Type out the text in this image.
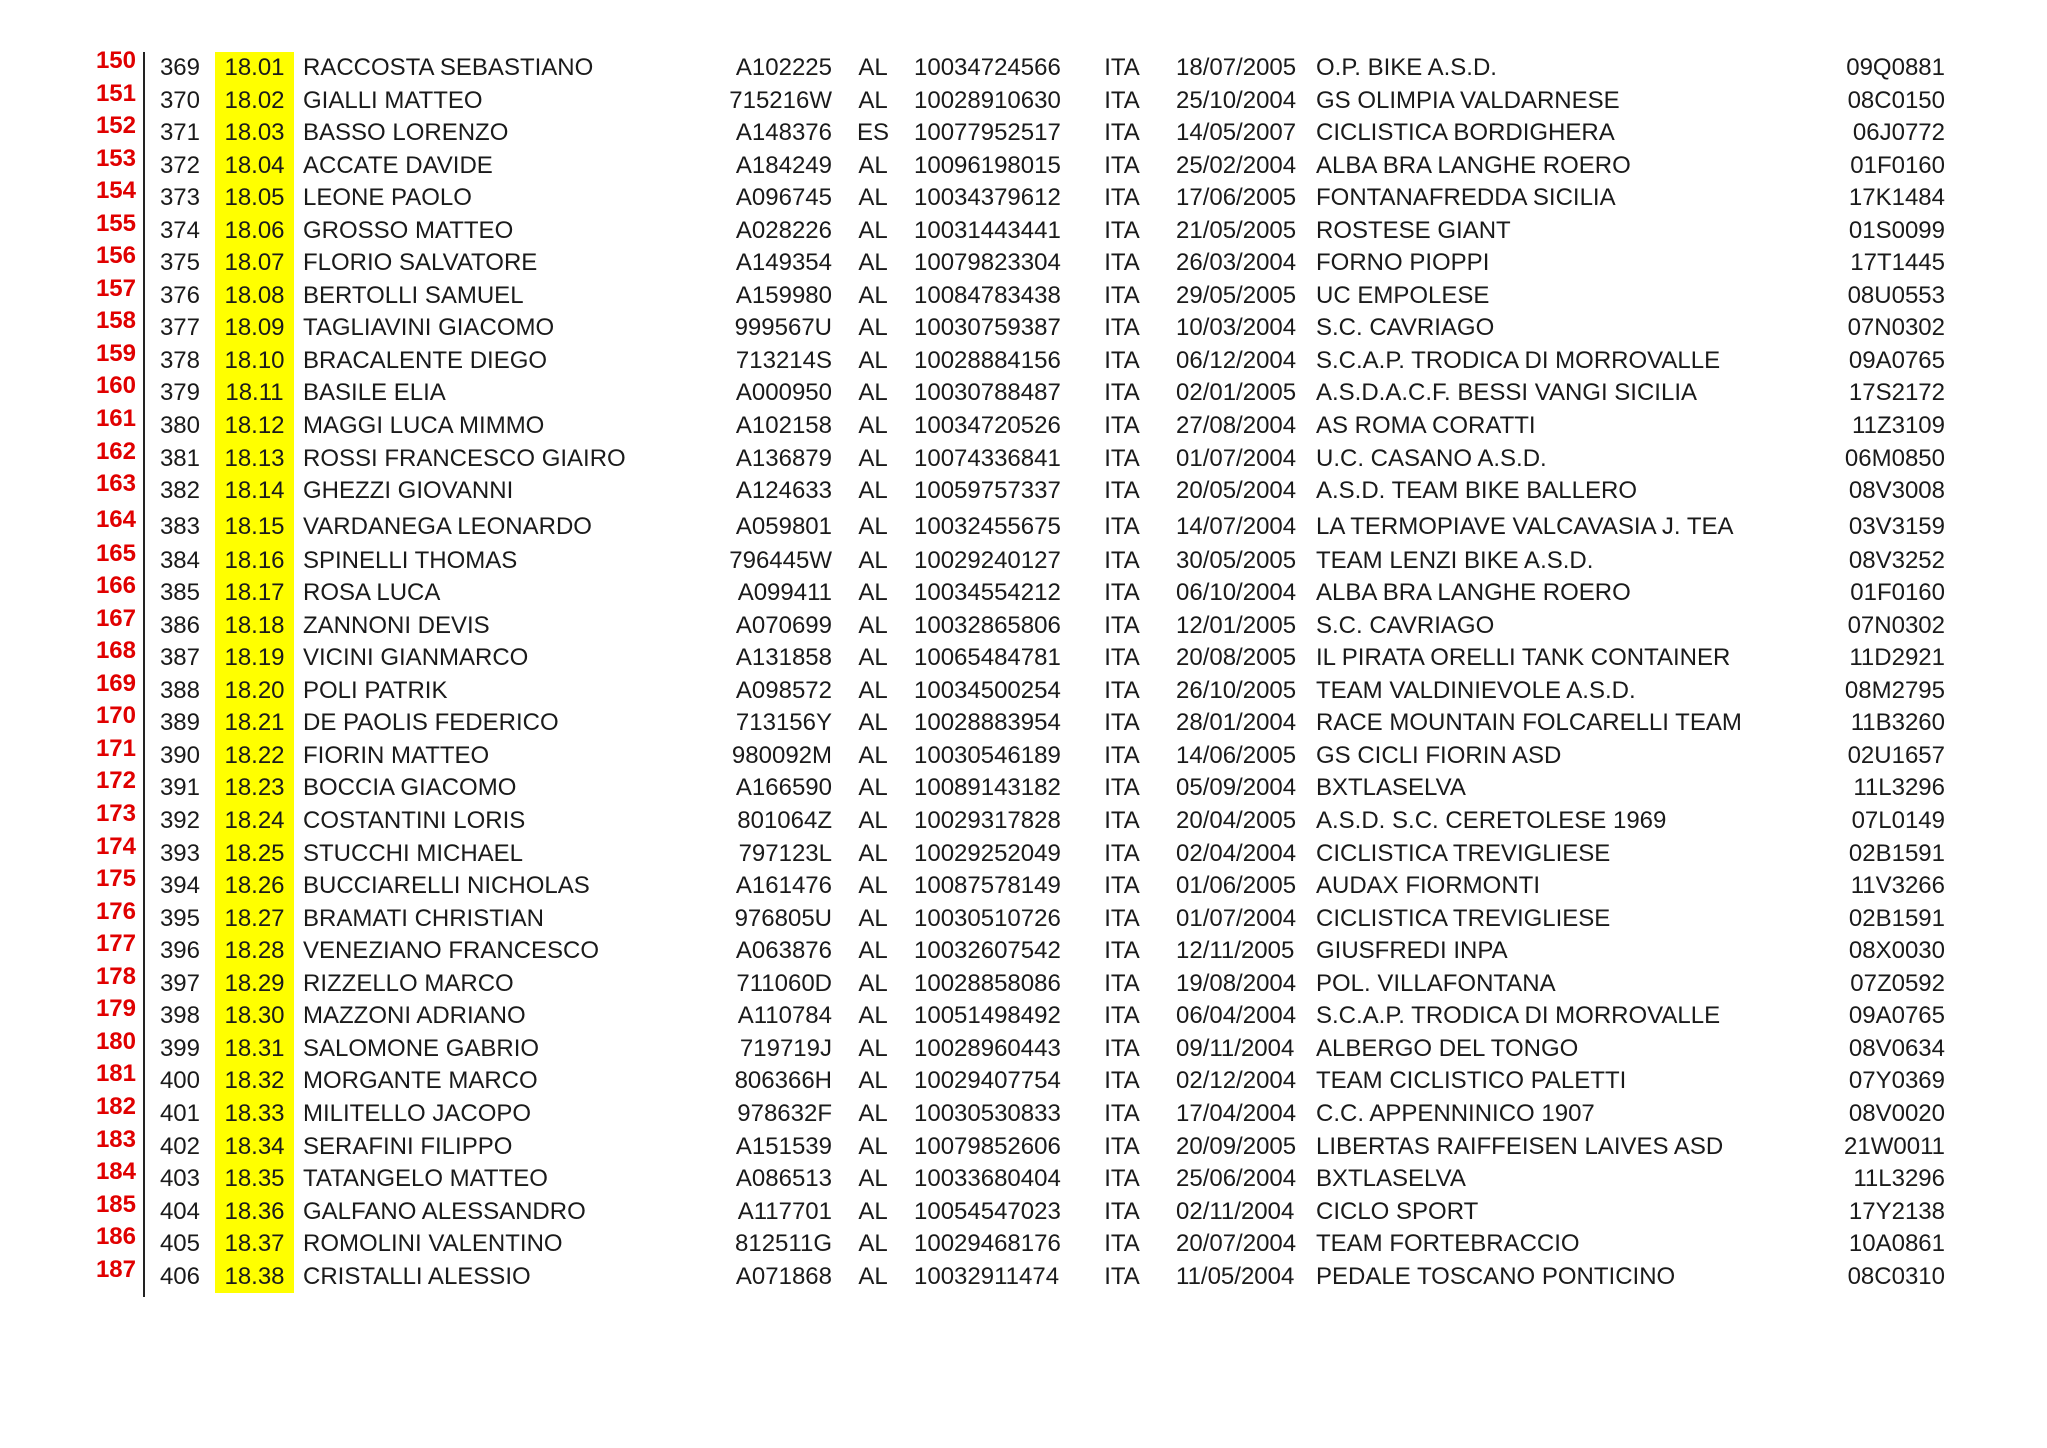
150 369	18.01 RACCOSTA SEBASTIANO	A102225 AL 10034724566 ITA 18/07/2005 O.P. BIKE A.S.D.	09Q0881
151 370	18.02 GIALLI MATTEO	715216W AL 10028910630 ITA 25/10/2004 GS OLIMPIA VALDARNESE	08C0150
152 371	18.03 BASSO LORENZO	A148376 ES 10077952517 ITA 14/05/2007 CICLISTICA BORDIGHERA	06J0772
153 372	18.04 ACCATE DAVIDE	A184249 AL 10096198015 ITA 25/02/2004 ALBA BRA LANGHE ROERO	01F0160
154 373	18.05 LEONE PAOLO	A096745 AL 10034379612 ITA 17/06/2005 FONTANAFREDDA SICILIA	17K1484
155 374	18.06 GROSSO MATTEO	A028226 AL 10031443441 ITA 21/05/2005 ROSTESE GIANT	01S0099
156 375	18.07 FLORIO SALVATORE	A149354 AL 10079823304 ITA 26/03/2004 FORNO PIOPPI	17T1445
157 376	18.08 BERTOLLI SAMUEL	A159980 AL 10084783438 ITA 29/05/2005 UC EMPOLESE	08U0553
158 377	18.09 TAGLIAVINI GIACOMO	999567U AL 10030759387 ITA 10/03/2004 S.C. CAVRIAGO	07N0302
159 378	18.10 BRACALENTE DIEGO	713214S AL 10028884156 ITA 06/12/2004 S.C.A.P. TRODICA DI MORROVALLE	09A0765
160 379	18.11 BASILE ELIA	A000950 AL 10030788487 ITA 02/01/2005 A.S.D.A.C.F. BESSI VANGI SICILIA	17S2172
161 380	18.12 MAGGI LUCA MIMMO	A102158 AL 10034720526 ITA 27/08/2004 AS ROMA CORATTI	11Z3109
162 381	18.13 ROSSI FRANCESCO GIAIRO	A136879 AL 10074336841 ITA 01/07/2004 U.C. CASANO A.S.D.	06M0850
163 382	18.14 GHEZZI GIOVANNI	A124633 AL 10059757337 ITA 20/05/2004 A.S.D. TEAM BIKE BALLERO	08V3008
164 383	18.15 VARDANEGA LEONARDO	A059801 AL 10032455675 ITA 14/07/2004 LA TERMOPIAVE VALCAVASIA J. TEA	03V3159
165 384	18.16 SPINELLI THOMAS	796445W AL 10029240127 ITA 30/05/2005 TEAM LENZI BIKE A.S.D.	08V3252
166 385	18.17 ROSA LUCA	A099411 AL 10034554212 ITA 06/10/2004 ALBA BRA LANGHE ROERO	01F0160
167 386	18.18 ZANNONI DEVIS	A070699 AL 10032865806 ITA 12/01/2005 S.C. CAVRIAGO	07N0302
168 387	18.19 VICINI GIANMARCO	A131858 AL 10065484781 ITA 20/08/2005 IL PIRATA ORELLI TANK CONTAINER	11D2921
169 388	18.20 POLI PATRIK	A098572 AL 10034500254 ITA 26/10/2005 TEAM VALDINIEVOLE A.S.D.	08M2795
170 389	18.21 DE PAOLIS FEDERICO	713156Y AL 10028883954 ITA 28/01/2004 RACE MOUNTAIN FOLCARELLI TEAM	11B3260
171 390	18.22 FIORIN MATTEO	980092M AL 10030546189 ITA 14/06/2005 GS CICLI FIORIN ASD	02U1657
172 391	18.23 BOCCIA GIACOMO	A166590 AL 10089143182 ITA 05/09/2004 BXTLASELVA	11L3296
173 392	18.24 COSTANTINI LORIS	801064Z AL 10029317828 ITA 20/04/2005 A.S.D. S.C. CERETOLESE 1969	07L0149
174 393	18.25 STUCCHI MICHAEL	797123L AL 10029252049 ITA 02/04/2004 CICLISTICA TREVIGLIESE	02B1591
175 394	18.26 BUCCIARELLI NICHOLAS	A161476 AL 10087578149 ITA 01/06/2005 AUDAX FIORMONTI	11V3266
176 395	18.27 BRAMATI CHRISTIAN	976805U AL 10030510726 ITA 01/07/2004 CICLISTICA TREVIGLIESE	02B1591
177 396	18.28 VENEZIANO FRANCESCO	A063876 AL 10032607542 ITA 12/11/2005 GIUSFREDI INPA	08X0030
178 397	18.29 RIZZELLO MARCO	711060D AL 10028858086 ITA 19/08/2004 POL. VILLAFONTANA	07Z0592
179 398	18.30 MAZZONI ADRIANO	A110784 AL 10051498492 ITA 06/04/2004 S.C.A.P. TRODICA DI MORROVALLE	09A0765
180 399	18.31 SALOMONE GABRIO	719719J AL 10028960443 ITA 09/11/2004 ALBERGO DEL TONGO	08V0634
181 400	18.32 MORGANTE MARCO	806366H AL 10029407754 ITA 02/12/2004 TEAM CICLISTICO PALETTI	07Y0369
182 401	18.33 MILITELLO JACOPO	978632F AL 10030530833 ITA 17/04/2004 C.C. APPENNINICO 1907	08V0020
183 402	18.34 SERAFINI FILIPPO	A151539 AL 10079852606 ITA 20/09/2005 LIBERTAS RAIFFEISEN LAIVES ASD	21W0011
184 403	18.35 TATANGELO MATTEO	A086513 AL 10033680404 ITA 25/06/2004 BXTLASELVA	11L3296
185 404	18.36 GALFANO ALESSANDRO	A117701 AL 10054547023 ITA 02/11/2004 CICLO SPORT	17Y2138
186 405	18.37 ROMOLINI VALENTINO	812511G AL 10029468176 ITA 20/07/2004 TEAM FORTEBRACCIO	10A0861
187 406	18.38 CRISTALLI ALESSIO	A071868 AL 10032911474 ITA 11/05/2004 PEDALE TOSCANO PONTICINO	08C0310
